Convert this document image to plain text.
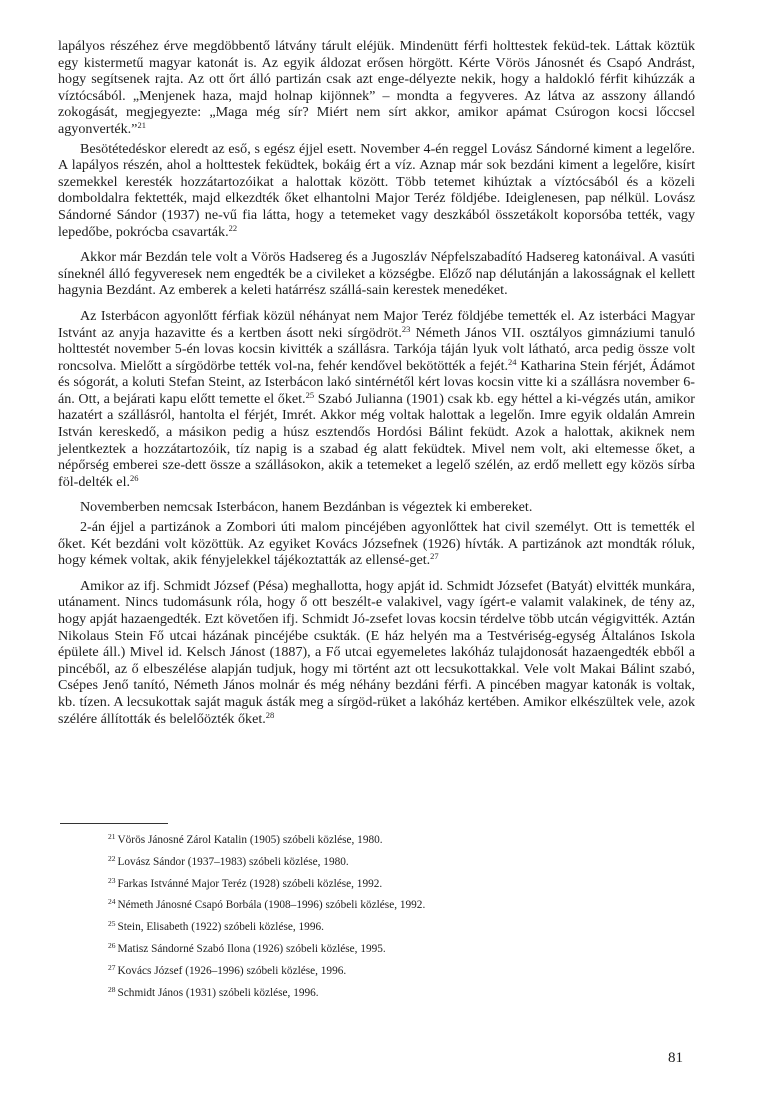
lapályos részéhez érve megdöbbentő látvány tárult eléjük. Mindenütt férfi holttestek feküd-tek. Láttak köztük egy kistermetű magyar katonát is. Az egyik áldozat erősen hörgött. Kérte Vörös Jánosnét és Csapó Andrást, hogy segítsenek rajta. Az ott őrt álló partizán csak azt enge-délyezte nekik, hogy a haldokló férfit kihúzzák a víztócsából. „Menjenek haza, majd holnap kijönnek” – mondta a fegyveres. Az látva az asszony állandó zokogását, megjegyezte: „Maga még sír? Miért nem sírt akkor, amikor apámat Csúrogon kocsi lőccsel agyonverték.”$^{21}$

Besötétedéskor eleredt az eső, s egész éjjel esett. November 4-én reggel Lovász Sándorné kiment a legelőre. A lapályos részén, ahol a holttestek feküdtek, bokáig ért a víz. Aznap már sok bezdáni kiment a legelőre, kisírt szemekkel keresték hozzátartozóikat a halottak között. Több tetemet kihúztak a víztócsából és a közeli domboldalra fektették, majd elkezdték őket elhantolni Major Teréz földjébe. Ideiglenesen, pap nélkül. Lovász Sándorné Sándor (1937) ne-vű fia látta, hogy a tetemeket vagy deszkából összetákolt koporsóba tették, vagy lepedőbe, pokrócba csavarták.$^{22}$

Akkor már Bezdán tele volt a Vörös Hadsereg és a Jugoszláv Népfelszabadító Hadsereg katonáival. A vasúti síneknél álló fegyveresek nem engedték be a civileket a községbe. Előző nap délutánján a lakosságnak el kellett hagynia Bezdánt. Az emberek a keleti határrész szállá-sain kerestek menedéket.

Az Isterbácon agyonlőtt férfiak közül néhányat nem Major Teréz földjébe temették el. Az isterbáci Magyar Istvánt az anyja hazavitte és a kertben ásott neki sírgödröt.$^{23}$ Németh János VII. osztályos gimnáziumi tanuló holttestét november 5-én lovas kocsin kivitték a szállásra. Tarkója táján lyuk volt látható, arca pedig össze volt roncsolva. Mielőtt a sírgödörbe tették vol-na, fehér kendővel bekötötték a fejét.$^{24}$ Katharina Stein férjét, Ádámot és sógorát, a koluti Stefan Steint, az Isterbácon lakó sintérnétől kért lovas kocsin vitte ki a szállásra november 6-án. Ott, a bejárati kapu előtt temette el őket.$^{25}$ Szabó Julianna (1901) csak kb. egy héttel a ki-végzés után, amikor hazatért a szállásról, hantolta el férjét, Imrét. Akkor még voltak halottak a legelőn. Imre egyik oldalán Amrein István kereskedő, a másikon pedig a húsz esztendős Hordósi Bálint feküdt. Azok a halottak, akiknek nem jelentkeztek a hozzátartozóik, tíz napig is a szabad ég alatt feküdtek. Mivel nem volt, aki eltemesse őket, a népőrség emberei sze-dett össze a szállásokon, akik a tetemeket a legelő szélén, az erdő mellett egy közös sírba föl-delték el.$^{26}$

Novemberben nemcsak Isterbácon, hanem Bezdánban is végeztek ki embereket.

2-án éjjel a partizánok a Zombori úti malom pincéjében agyonlőttek hat civil személyt. Ott is temették el őket. Két bezdáni volt közöttük. Az egyiket Kovács Józsefnek (1926) hívták. A partizánok azt mondták róluk, hogy kémek voltak, akik fényjelekkel tájékoztatták az ellensé-get.$^{27}$

Amikor az ifj. Schmidt József (Pésa) meghallotta, hogy apját id. Schmidt Józsefet (Batyát) elvitték munkára, utánament. Nincs tudomásunk róla, hogy ő ott beszélt-e valakivel, vagy ígért-e valamit valakinek, de tény az, hogy apját hazaengedték. Ezt követően ifj. Schmidt Jó-zsefet lovas kocsin térdelve több utcán végigvitték. Aztán Nikolaus Stein Fő utcai házának pincéjébe csukták. (E ház helyén ma a Testvériség-egység Általános Iskola épülete áll.) Mivel id. Kelsch Jánost (1887), a Fő utcai egyemeletes lakóház tulajdonosát hazaengedték ebből a pincéből, az ő elbeszélése alapján tudjuk, hogy mi történt azt ott lecsukottakkal. Vele volt Makai Bálint szabó, Csépes Jenő tanító, Németh János molnár és még néhány bezdáni férfi. A pincében magyar katonák is voltak, kb. tízen. A lecsukottak saját maguk ásták meg a sírgöd-rüket a lakóház kertében. Amikor elkészültek vele, azok szélére állították és belelőözték őket.$^{28}$

$^{21}$ Vörös Jánosné Zárol Katalin (1905) szóbeli közlése, 1980.
$^{22}$ Lovász Sándor (1937–1983) szóbeli közlése, 1980.
$^{23}$ Farkas Istvánné Major Teréz (1928) szóbeli közlése, 1992.
$^{24}$ Németh Jánosné Csapó Borbála (1908–1996) szóbeli közlése, 1992.
$^{25}$ Stein, Elisabeth (1922) szóbeli közlése, 1996.
$^{26}$ Matisz Sándorné Szabó Ilona (1926) szóbeli közlése, 1995.
$^{27}$ Kovács József (1926–1996) szóbeli közlése, 1996.
$^{28}$ Schmidt János (1931) szóbeli közlése, 1996.
81
